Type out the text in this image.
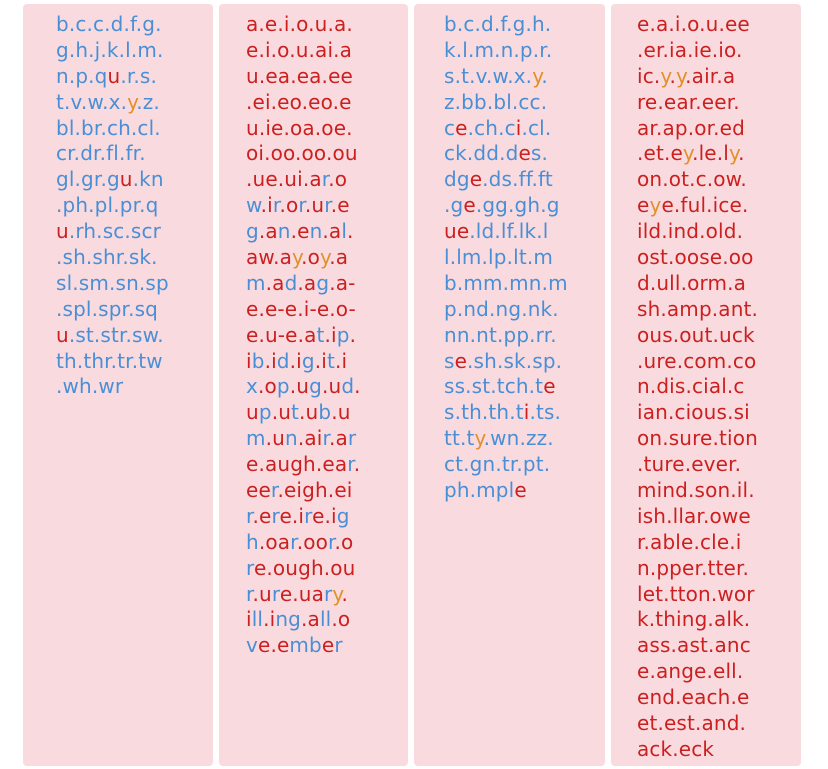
b.c.c.d.f.g.
g.h.j.k.l.m.
n.p.qu.r.s.
t.v.w.x.y.z.
bl.br.ch.cl.
cr.dr.fl.fr.
gl.gr.gu.kn
.ph.pl.pr.q
u.rh.sc.scr
.sh.shr.sk.
sl.sm.sn.sp
.spl.spr.sq
u.st.str.sw.
th.thr.tr.tw
.wh.wr
a.e.i.o.u.a.
e.i.o.u.ai.a
u.ea.ea.ee
.ei.eo.eo.e
u.ie.oa.oe.
oi.oo.oo.ou
.ue.ui.ar.o
w.ir.or.ur.e
g.an.en.al.
aw.ay.oy.a
m.ad.ag.a-
e.e-e.i-e.o-
e.u-e.at.ip.
ib.id.ig.it.i
x.op.ug.ud.
up.ut.ub.u
m.un.air.ar
e.augh.ear.
eer.eigh.ei
r.ere.ire.ig
h.oar.oor.o
re.ough.ou
r.ure.uary.
ill.ing.all.o
ve.ember
b.c.d.f.g.h.
k.l.m.n.p.r.
s.t.v.w.x.y.
z.bb.bl.cc.
ce.ch.ci.cl.
ck.dd.des.
dge.ds.ff.ft
.ge.gg.gh.g
ue.ld.lf.lk.l
l.lm.lp.lt.m
b.mm.mn.m
p.nd.ng.nk.
nn.nt.pp.rr.
se.sh.sk.sp.
ss.st.tch.te
s.th.th.ti.ts.
tt.ty.wn.zz.
ct.gn.tr.pt.
ph.mple
e.a.i.o.u.ee
.er.ia.ie.io.
ic.y.y.air.a
re.ear.eer.
ar.ap.or.ed
.et.ey.le.ly.
on.ot.c.ow.
eye.ful.ice.
ild.ind.old.
ost.oose.oo
d.ull.orm.a
sh.amp.ant.
ous.out.uck
.ure.com.co
n.dis.cial.c
ian.cious.si
on.sure.tion
.ture.ever.
mind.son.il.
ish.llar.owe
r.able.cle.i
n.pper.tter.
let.tton.wor
k.thing.alk.
ass.ast.anc
e.ange.ell.
end.each.e
et.est.and.
ack.eck
